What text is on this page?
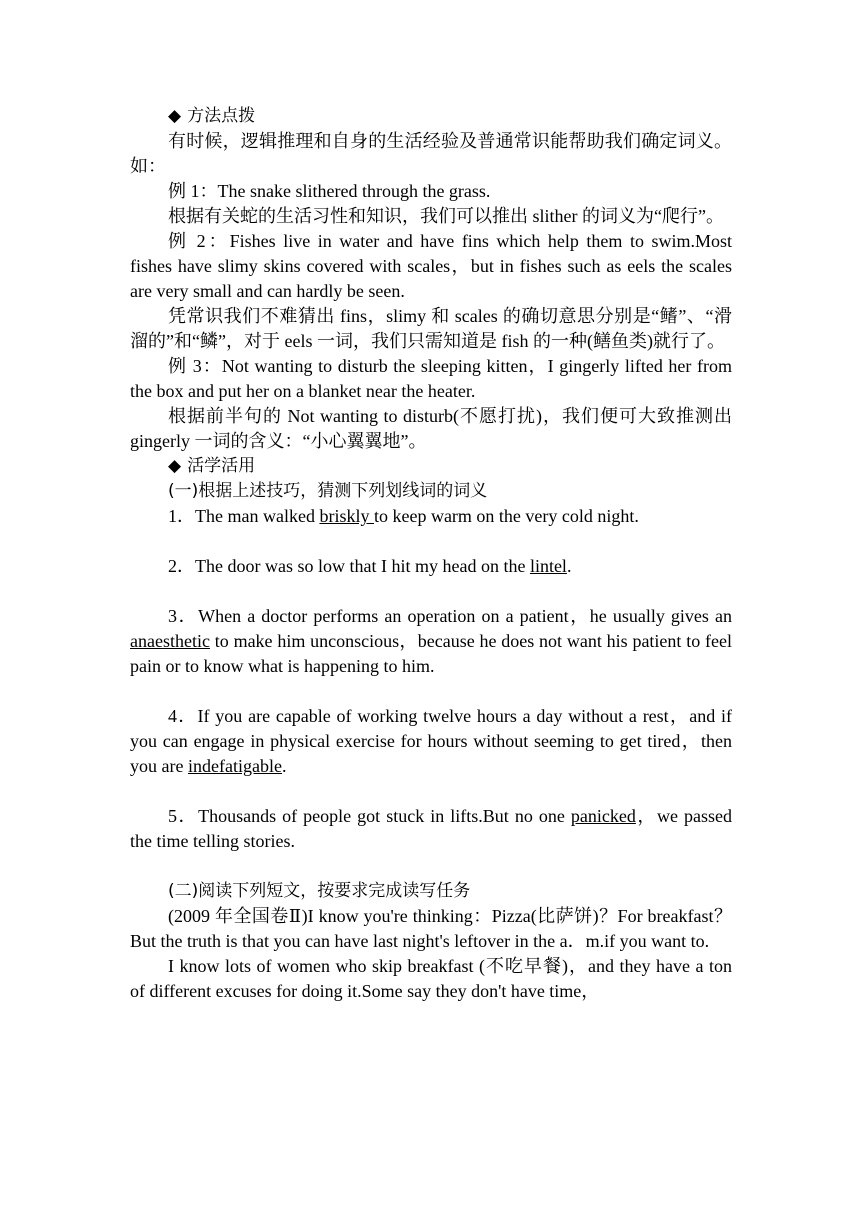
◆ 方法点拨

有时候，逻辑推理和自身的生活经验及普通常识能帮助我们确定词义。如：

例 1：The snake slithered through the grass.

根据有关蛇的生活习性和知识，我们可以推出 slither 的词义为“爬行”。

例 2：Fishes live in water and have fins which help them to swim.Most fishes have slimy skins covered with scales，but in fishes such as eels the scales are very small and can hardly be seen.

凭常识我们不难猜出 fins，slimy 和 scales 的确切意思分别是“鳍”、“滑溜的”和“鳞”，对于 eels 一词，我们只需知道是 fish 的一种(鳝鱼类)就行了。

例 3：Not wanting to disturb the sleeping kitten，I gingerly lifted her from the box and put her on a blanket near the heater.

根据前半句的 Not wanting to disturb(不愿打扰)，我们便可大致推测出 gingerly 一词的含义：“小心翼翼地”。

◆ 活学活用

(一)根据上述技巧，猜测下列划线词的词义

1．The man walked briskly to keep warm on the very cold night.

2．The door was so low that I hit my head on the lintel.

3．When a doctor performs an operation on a patient，he usually gives an anaesthetic to make him unconscious，because he does not want his patient to feel pain or to know what is happening to him.

4．If you are capable of working twelve hours a day without a rest，and if you can engage in physical exercise for hours without seeming to get tired，then you are indefatigable.

5．Thousands of people got stuck in lifts.But no one panicked，we passed the time telling stories.

(二)阅读下列短文，按要求完成读写任务

(2009 年全国卷Ⅱ)I know you're thinking：Pizza(比萨饼)？For breakfast？But the truth is that you can have last night's leftover in the a．m.if you want to.

I know lots of women who skip breakfast (不吃早餐)，and they have a ton of different excuses for doing it.Some say they don't have time，
